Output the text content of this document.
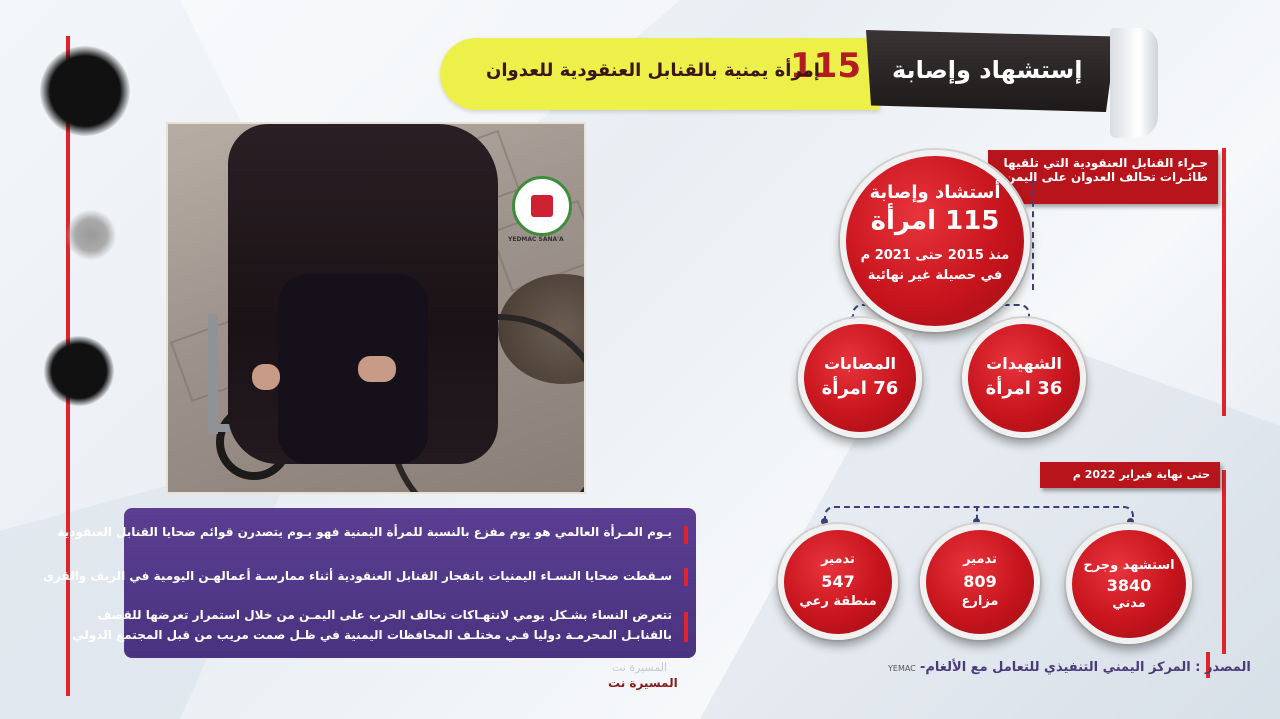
115
إمرأة يمنية بالقنابل العنقودية للعدوان	إستشهاد وإصابة
YEDMAC SANA'A
يـوم المـرأة العالمي هو يوم مفزع بالنسبة للمرأة اليمنية فهو يـوم يتصدرن قوائم ضحايا القنابل العنقودية
سـقطت ضحايا النسـاء اليمنيات بانفجار القنابل العنقودية أثناء ممارسـة أعمالهـن اليومية في الريف والقرى
تتعرض النساء بشـكل يومي لانتهـاكات تحالف الحرب على اليمـن من خلال استمرار تعرضها للقصف
بالقنابـل المحرمـة دوليا فـي مختلـف المحافظات اليمنية في ظـل صمت مريب من قبل المجتمع الدولي
المسيرة نت
المسيرة نت
جـراء القنابل العنقودية التي تلقيها
طائـرات تحالف العدوان على اليمن
أستشاد وإصابة
115 امرأة
منذ 2015 حتى 2021 م
في حصيلة غير نهائية
الشهيدات
36 امرأة
المصابات
76 امرأة
حتى نهاية فبراير 2022 م
استشهد وجرح
3840
مدني
تدمير
809
مزارع
تدمير
547
منطقة رعي
المصدر : المركز اليمني التنفيذي للتعامل مع الألغام-
YEMAC
